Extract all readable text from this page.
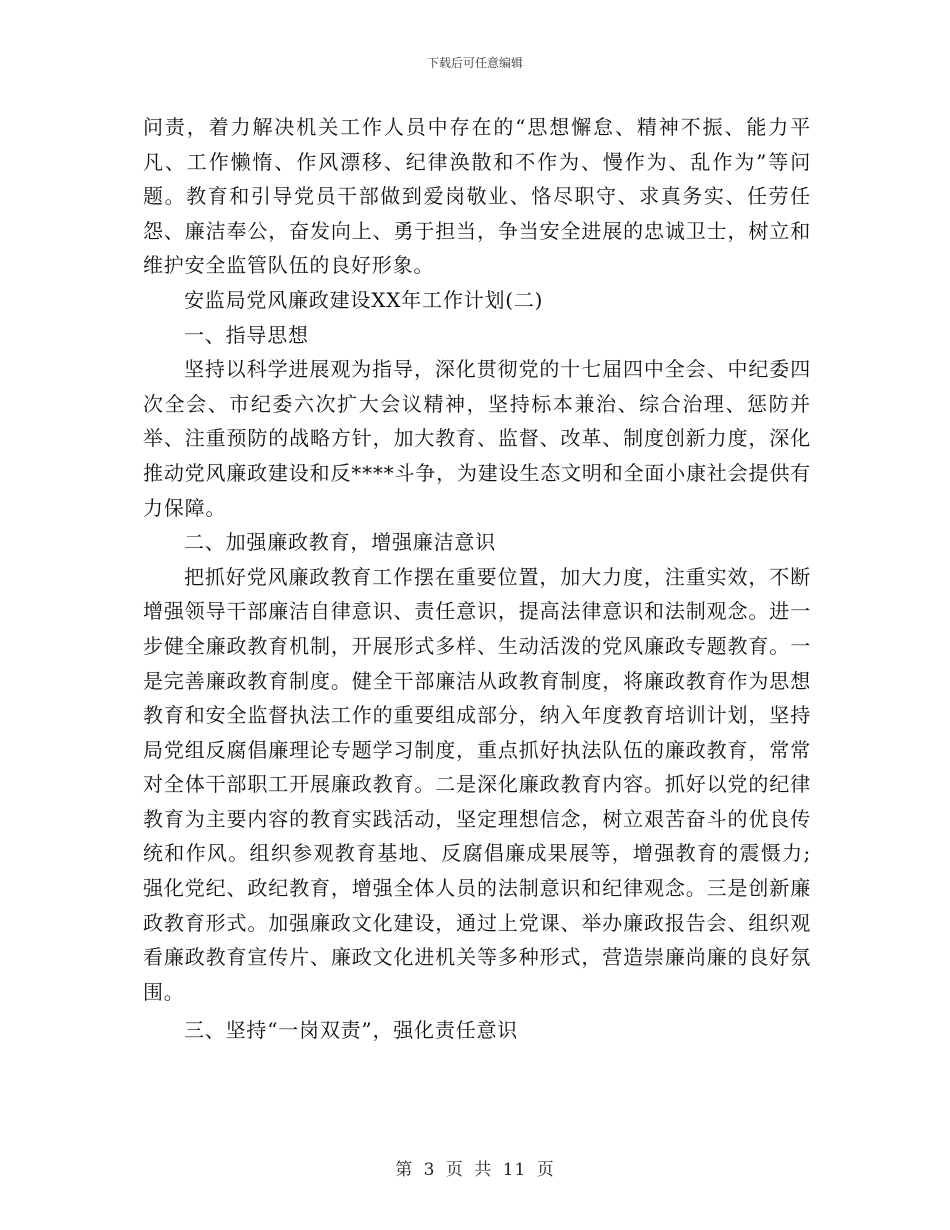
下载后可任意编辑

问责，着力解决机关工作人员中存在的“思想懈怠、精神不振、能力平凡、工作懒惰、作风漂移、纪律涣散和不作为、慢作为、乱作为”等问题。教育和引导党员干部做到爱岗敬业、恪尽职守、求真务实、任劳任怨、廉洁奉公，奋发向上、勇于担当，争当安全进展的忠诚卫士，树立和维护安全监管队伍的良好形象。

安监局党风廉政建设XX年工作计划(二)

一、指导思想

坚持以科学进展观为指导，深化贯彻党的十七届四中全会、中纪委四次全会、市纪委六次扩大会议精神，坚持标本兼治、综合治理、惩防并举、注重预防的战略方针，加大教育、监督、改革、制度创新力度，深化推动党风廉政建设和反****斗争，为建设生态文明和全面小康社会提供有力保障。

二、加强廉政教育，增强廉洁意识

把抓好党风廉政教育工作摆在重要位置，加大力度，注重实效，不断增强领导干部廉洁自律意识、责任意识，提高法律意识和法制观念。进一步健全廉政教育机制，开展形式多样、生动活泼的党风廉政专题教育。一是完善廉政教育制度。健全干部廉洁从政教育制度，将廉政教育作为思想教育和安全监督执法工作的重要组成部分，纳入年度教育培训计划，坚持局党组反腐倡廉理论专题学习制度，重点抓好执法队伍的廉政教育，常常对全体干部职工开展廉政教育。二是深化廉政教育内容。抓好以党的纪律教育为主要内容的教育实践活动，坚定理想信念，树立艰苦奋斗的优良传统和作风。组织参观教育基地、反腐倡廉成果展等，增强教育的震慑力;强化党纪、政纪教育，增强全体人员的法制意识和纪律观念。三是创新廉政教育形式。加强廉政文化建设，通过上党课、举办廉政报告会、组织观看廉政教育宣传片、廉政文化进机关等多种形式，营造崇廉尚廉的良好氛围。

三、坚持“一岗双责”，强化责任意识

第 3 页 共 11 页
